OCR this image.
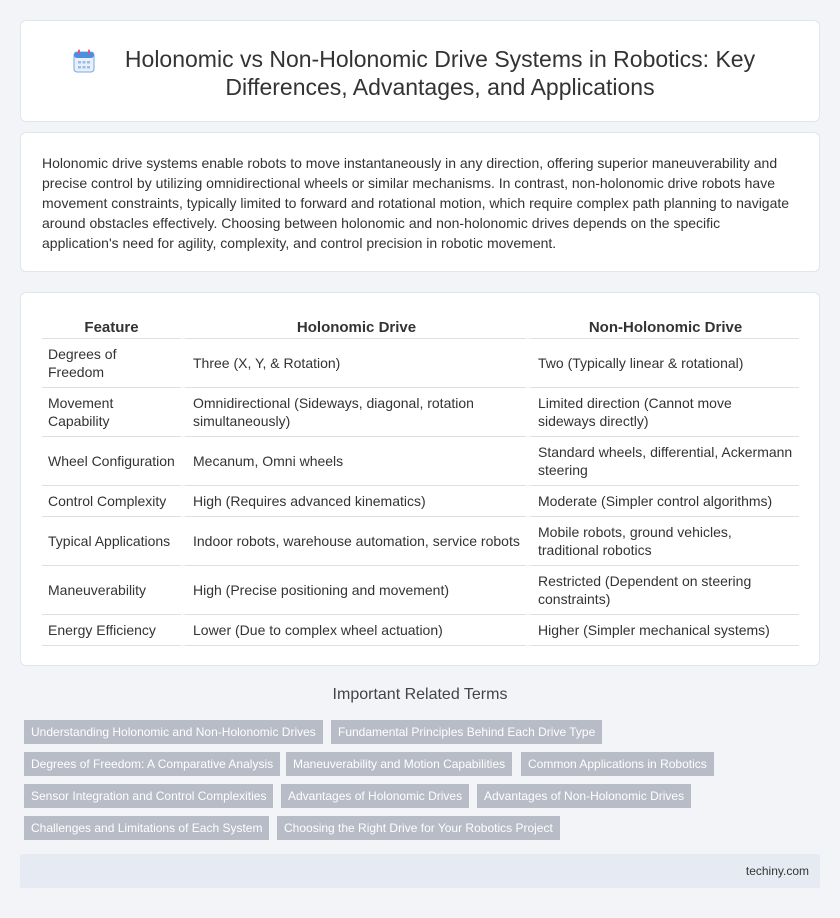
Holonomic vs Non-Holonomic Drive Systems in Robotics: Key Differences, Advantages, and Applications

Holonomic drive systems enable robots to move instantaneously in any direction, offering superior maneuverability and precise control by utilizing omnidirectional wheels or similar mechanisms. In contrast, non-holonomic drive robots have movement constraints, typically limited to forward and rotational motion, which require complex path planning to navigate around obstacles effectively. Choosing between holonomic and non-holonomic drives depends on the specific application's need for agility, complexity, and control precision in robotic movement.

Feature	Holonomic Drive	Non-Holonomic Drive
Degrees of Freedom	Three (X, Y, & Rotation)	Two (Typically linear & rotational)
Movement Capability	Omnidirectional (Sideways, diagonal, rotation simultaneously)	Limited direction (Cannot move sideways directly)
Wheel Configuration	Mecanum, Omni wheels	Standard wheels, differential, Ackermann steering
Control Complexity	High (Requires advanced kinematics)	Moderate (Simpler control algorithms)
Typical Applications	Indoor robots, warehouse automation, service robots	Mobile robots, ground vehicles, traditional robotics
Maneuverability	High (Precise positioning and movement)	Restricted (Dependent on steering constraints)
Energy Efficiency	Lower (Due to complex wheel actuation)	Higher (Simpler mechanical systems)
Important Related Terms
Understanding Holonomic and Non-Holonomic Drives	Fundamental Principles Behind Each Drive Type
Degrees of Freedom: A Comparative Analysis	Maneuverability and Motion Capabilities	Common Applications in Robotics
Sensor Integration and Control Complexities	Advantages of Holonomic Drives	Advantages of Non-Holonomic Drives
Challenges and Limitations of Each System	Choosing the Right Drive for Your Robotics Project
techiny.com
